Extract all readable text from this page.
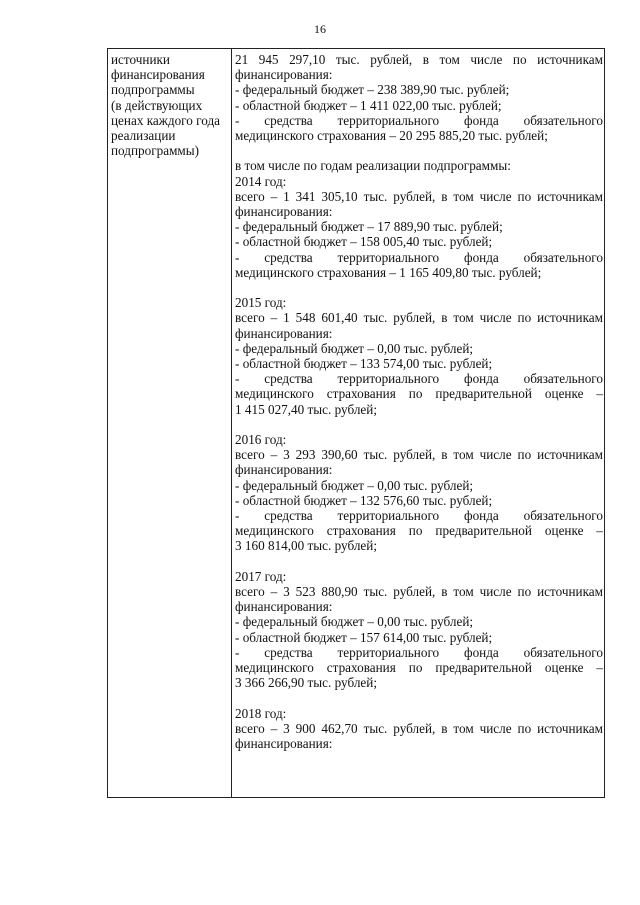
16
источники
финансирования
подпрограммы
(в действующих
ценах каждого года
реализации
подпрограммы)
21 945 297,10 тыс. рублей, в том числе по источникам
финансирования:
- федеральный бюджет – 238 389,90 тыс. рублей;
- областной бюджет – 1 411 022,00 тыс. рублей;
- средства территориального фонда обязательного
медицинского страхования – 20 295 885,20 тыс. рублей;
в том числе по годам реализации подпрограммы:
2014 год:
всего – 1 341 305,10 тыс. рублей, в том числе по источникам
финансирования:
- федеральный бюджет – 17 889,90 тыс. рублей;
- областной бюджет – 158 005,40 тыс. рублей;
- средства территориального фонда обязательного
медицинского страхования – 1 165 409,80 тыс. рублей;
2015 год:
всего – 1 548 601,40 тыс. рублей, в том числе по источникам
финансирования:
- федеральный бюджет – 0,00 тыс. рублей;
- областной бюджет – 133 574,00 тыс. рублей;
- средства территориального фонда обязательного
медицинского страхования по предварительной оценке –
1 415 027,40 тыс. рублей;
2016 год:
всего – 3 293 390,60 тыс. рублей, в том числе по источникам
финансирования:
- федеральный бюджет – 0,00 тыс. рублей;
- областной бюджет – 132 576,60 тыс. рублей;
- средства территориального фонда обязательного
медицинского страхования по предварительной оценке –
3 160 814,00 тыс. рублей;
2017 год:
всего – 3 523 880,90 тыс. рублей, в том числе по источникам
финансирования:
- федеральный бюджет – 0,00 тыс. рублей;
- областной бюджет – 157 614,00 тыс. рублей;
- средства территориального фонда обязательного
медицинского страхования по предварительной оценке –
3 366 266,90 тыс. рублей;
2018 год:
всего – 3 900 462,70 тыс. рублей, в том числе по источникам
финансирования:
